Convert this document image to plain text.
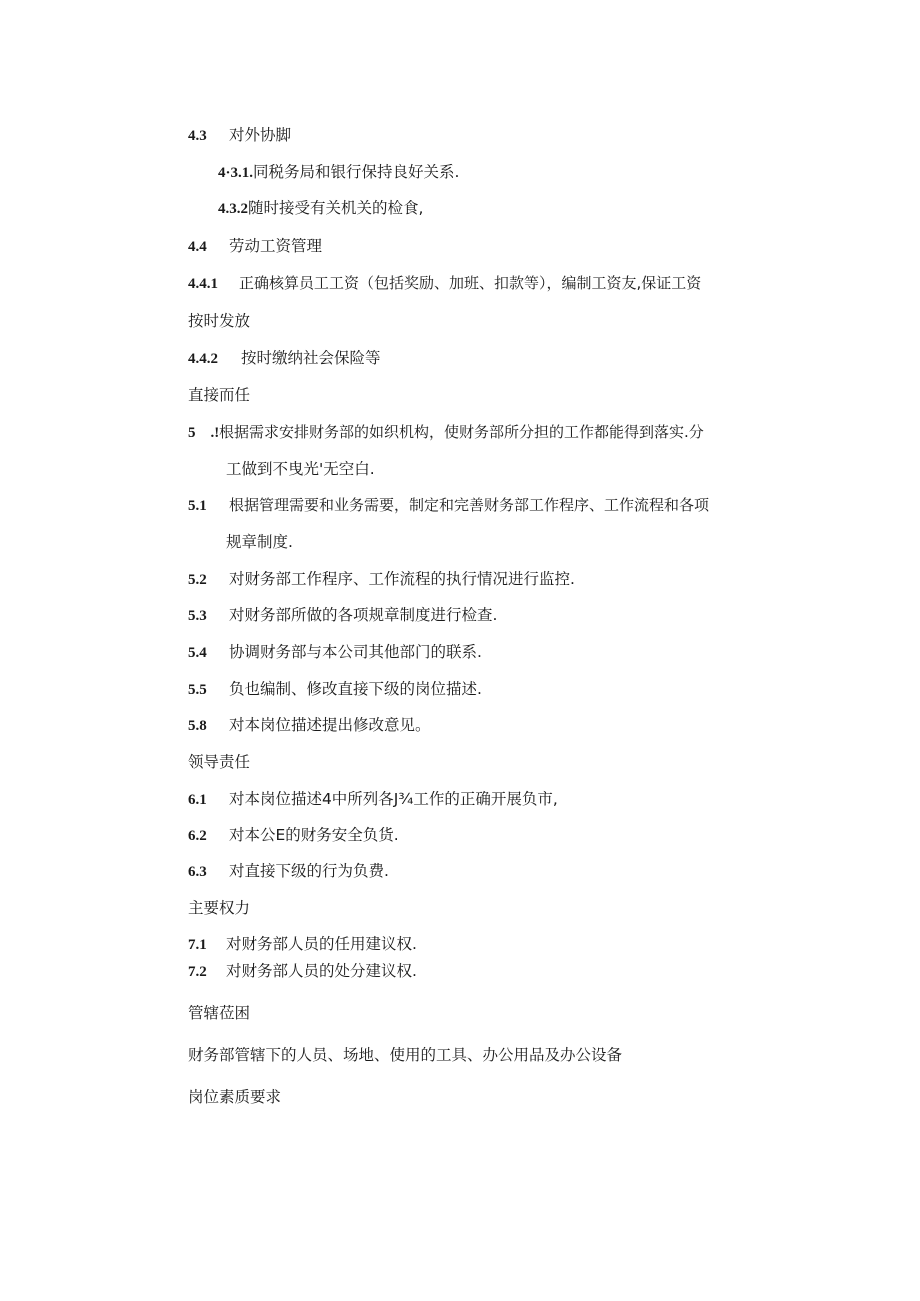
4.3 对外协脚
4·3.1.同税务局和银行保持良好关系.
4.3.2随时接受有关机关的检食,
4.4 劳动工资管理
4.4.1 正确核算员工工资（包括奖励、加班、扣款等），编制工资友,保证工资
按时发放
4.4.2 按时缴纳社会保险等
直接而任
5　.!根据需求安排财务部的如织机构，使财务部所分担的工作都能得到落实.分
工做到不曳光'无空白.
5.1 根据管理需要和业务需要，制定和完善财务部工作程序、工作流程和各项
规章制度.
5.2 对财务部工作程序、工作流程的执行情况进行监控.
5.3 对财务部所做的各项规章制度进行检查.
5.4 协调财务部与本公司其他部门的联系.
5.5 负也编制、修改直接下级的岗位描述.
5.8 对本岗位描述提出修改意见。
领导责任
6.1 对本岗位描述4中所列各J¾工作的正确开展负市,
6.2 对本公E的财务安全负货.
6.3 对直接下级的行为负费.
主要权力
7.1 对财务部人员的任用建议权.
7.2 对财务部人员的处分建议权.
管辖莅困
财务部管辖下的人员、场地、使用的工具、办公用品及办公设备
岗位素质要求
